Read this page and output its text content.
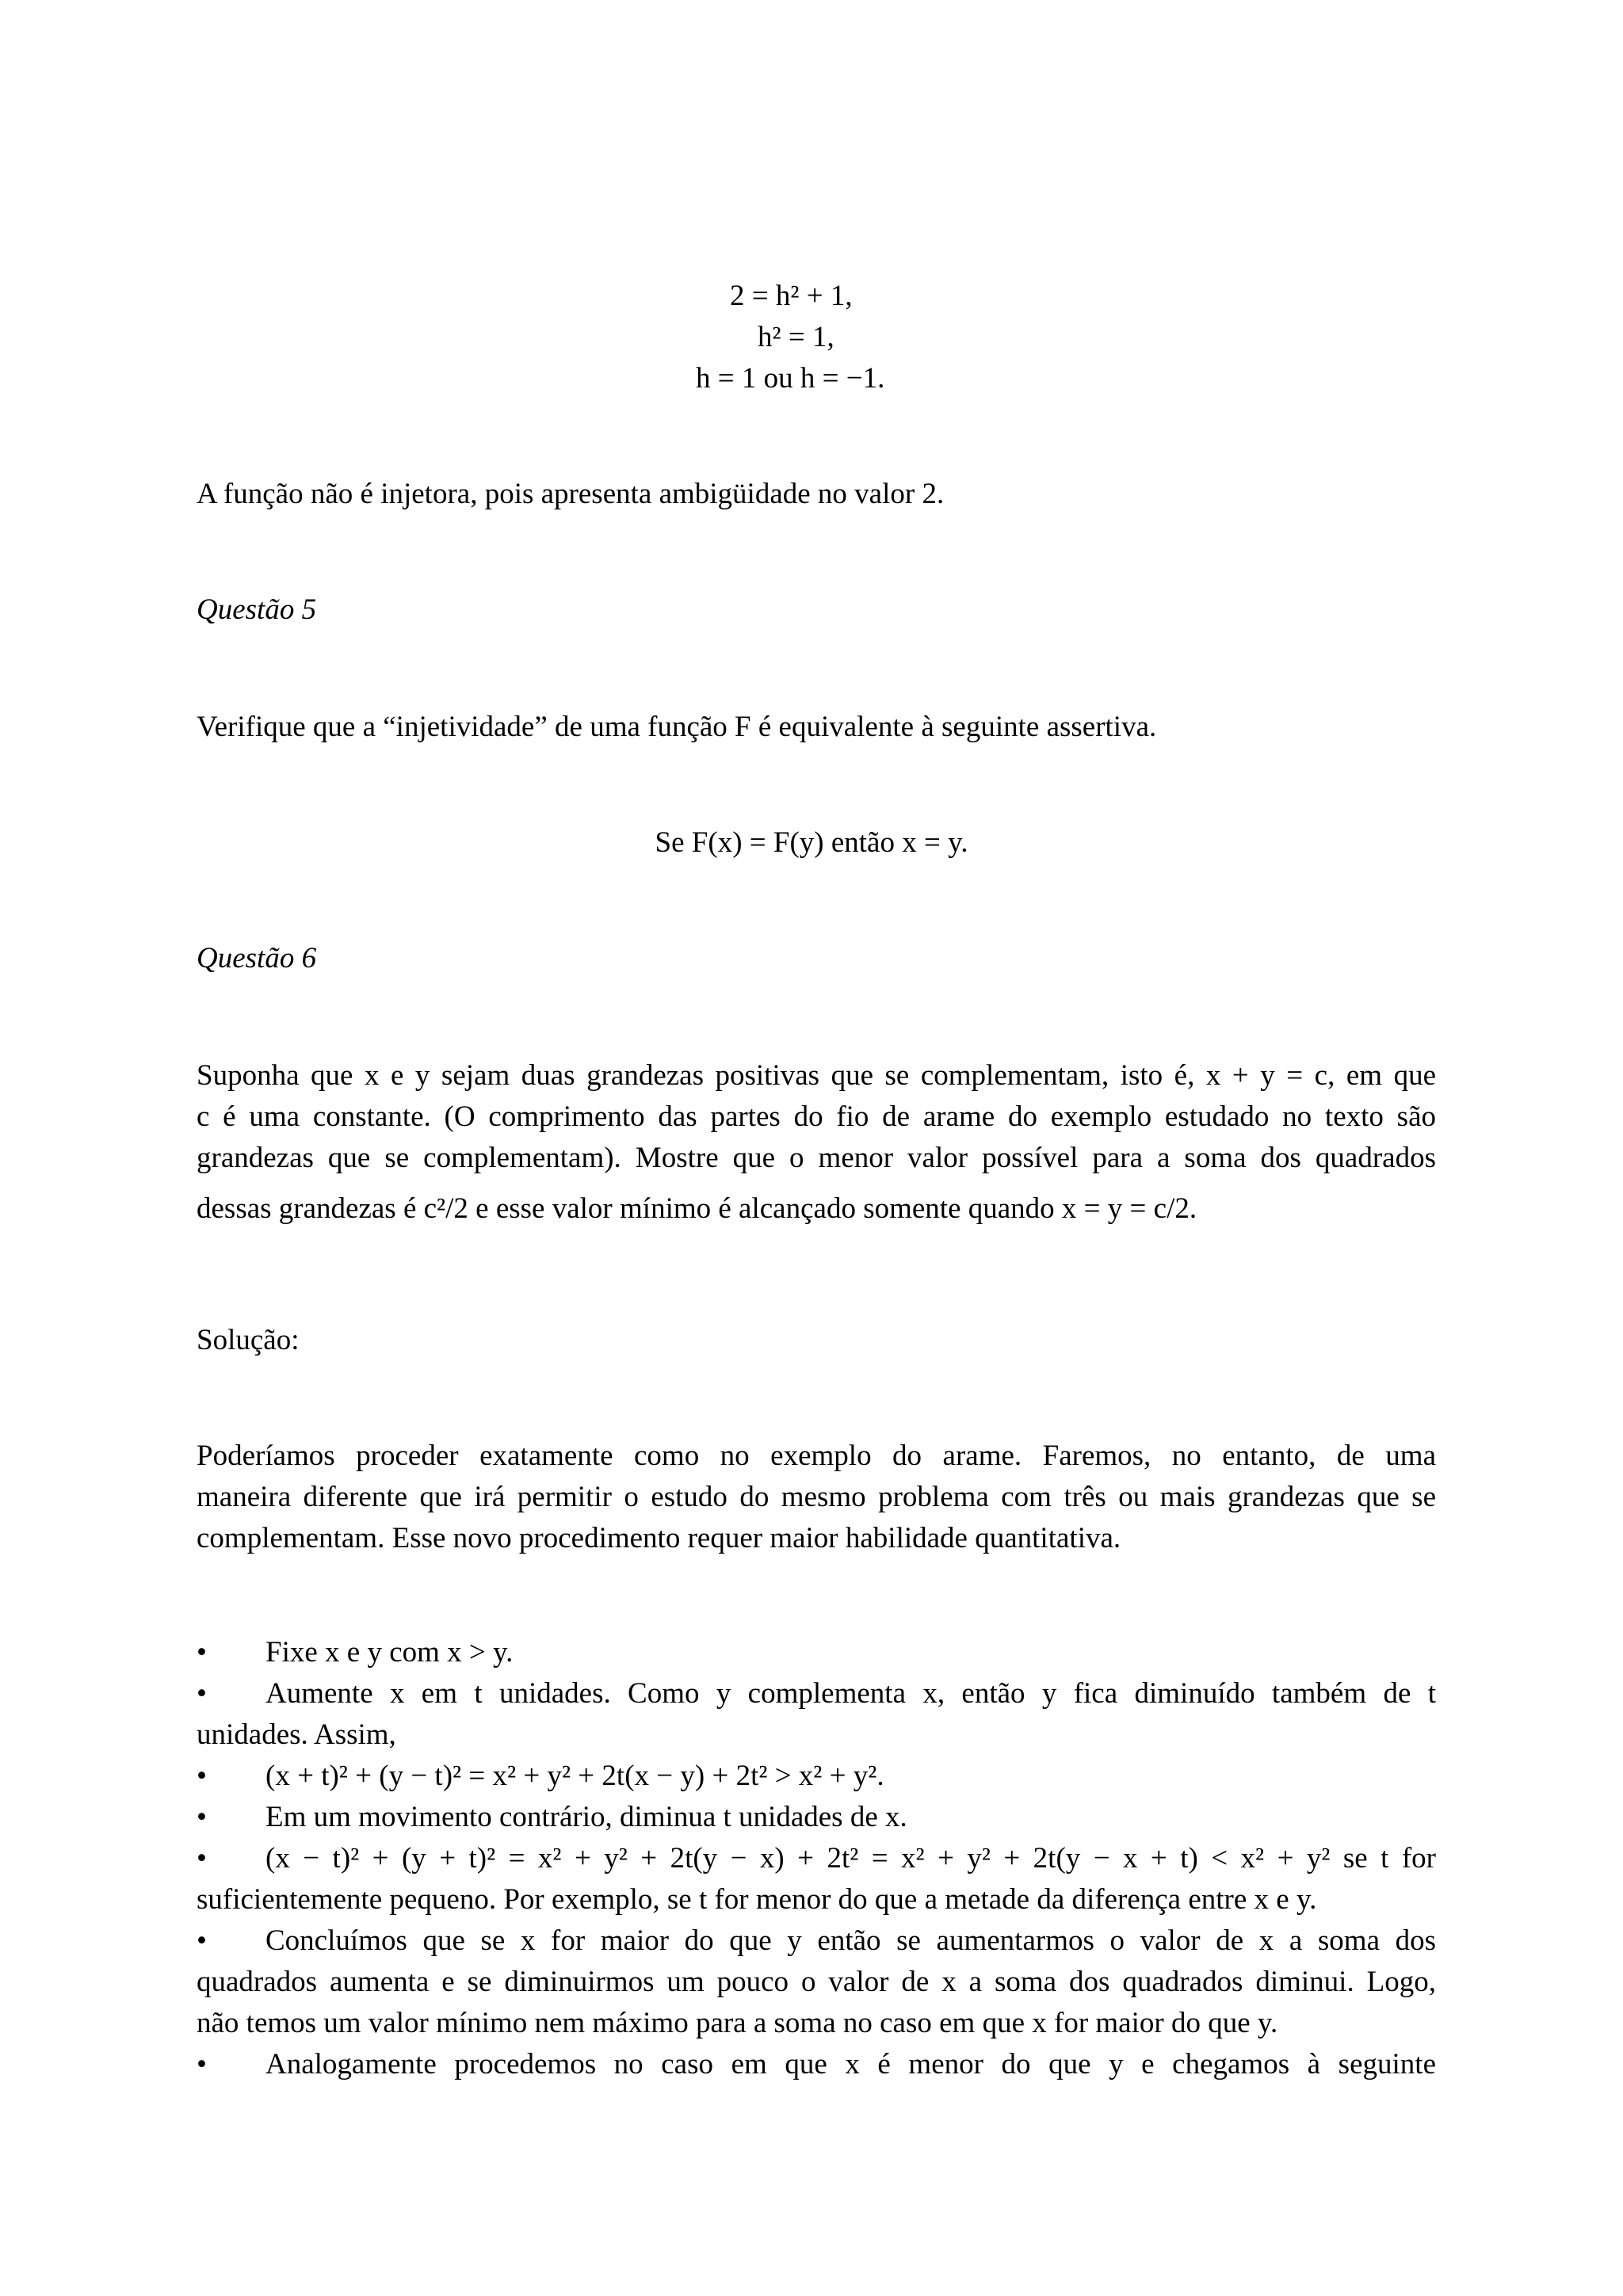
2 = h² + 1,
h² = 1,
h = 1 ou h = −1.
A função não é injetora, pois apresenta ambigüidade no valor 2.
Questão 5
Verifique que a “injetividade” de uma função F é equivalente à seguinte assertiva.
Se F(x) = F(y) então x = y.
Questão 6
Suponha que x e y sejam duas grandezas positivas que se complementam, isto é, x + y = c, em que
c é uma constante. (O comprimento das partes do fio de arame do exemplo estudado no texto são
grandezas que se complementam). Mostre que o menor valor possível para a soma dos quadrados
dessas grandezas é c²/2 e esse valor mínimo é alcançado somente quando x = y = c/2.
Solução:
Poderíamos proceder exatamente como no exemplo do arame. Faremos, no entanto, de uma
maneira diferente que irá permitir o estudo do mesmo problema com três ou mais grandezas que se
complementam. Esse novo procedimento requer maior habilidade quantitativa.
• Fixe x e y com x > y.
• Aumente x em t unidades. Como y complementa x, então y fica diminuído também de t
unidades. Assim,
• (x + t)² + (y − t)² = x² + y² + 2t(x − y) + 2t² > x² + y².
• Em um movimento contrário, diminua t unidades de x.
• (x − t)² + (y + t)² = x² + y² + 2t(y − x) + 2t² = x² + y² + 2t(y − x + t) < x² + y² se t for
suficientemente pequeno. Por exemplo, se t for menor do que a metade da diferença entre x e y.
• Concluímos que se x for maior do que y então se aumentarmos o valor de x a soma dos
quadrados aumenta e se diminuirmos um pouco o valor de x a soma dos quadrados diminui. Logo,
não temos um valor mínimo nem máximo para a soma no caso em que x for maior do que y.
• Analogamente procedemos no caso em que x é menor do que y e chegamos à seguinte
